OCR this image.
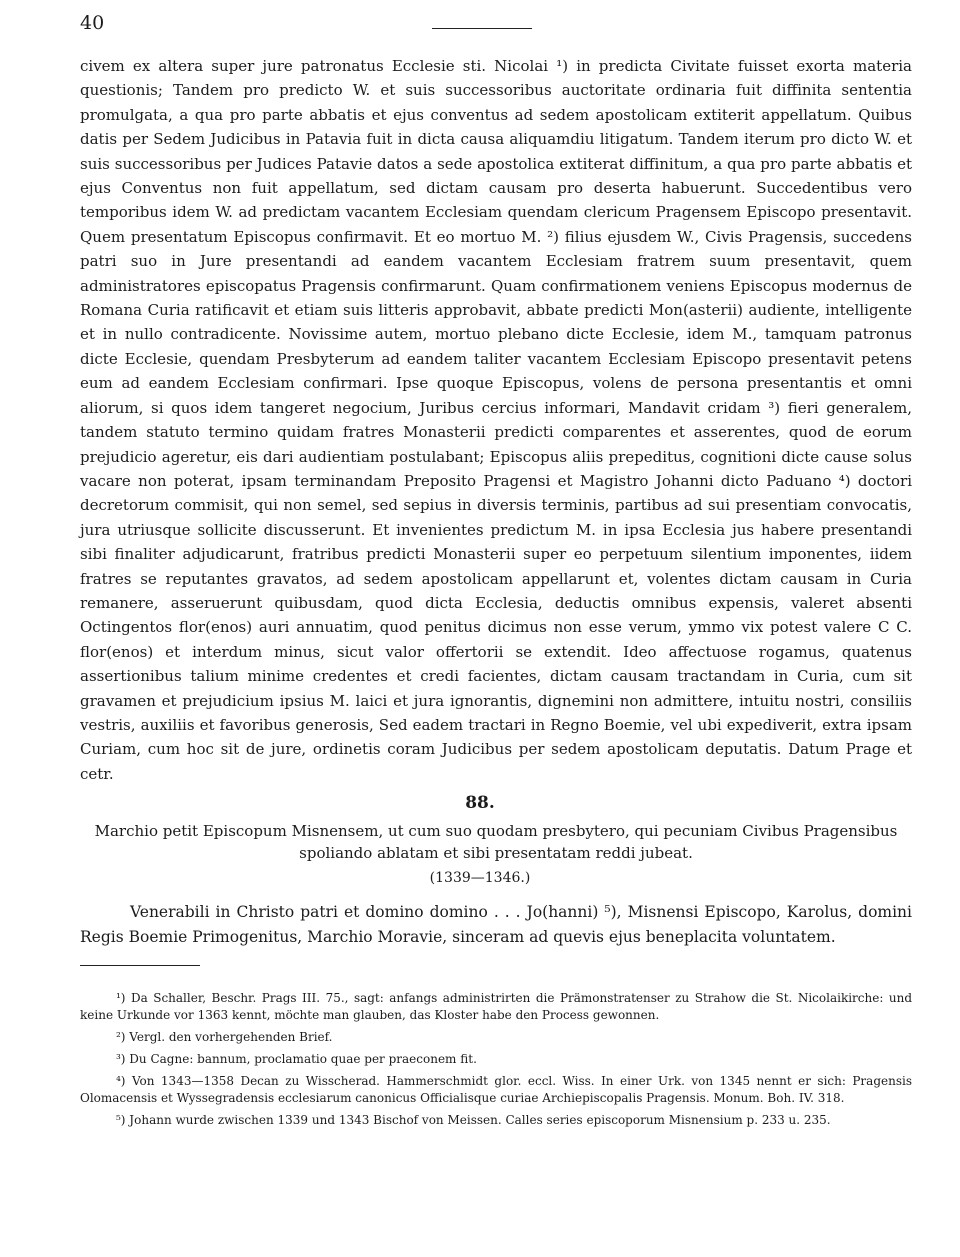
40

civem ex altera super jure patronatus Ecclesie sti. Nicolai ¹) in predicta Civitate fuisset exorta materia questionis; Tandem pro predicto W. et suis successoribus auctoritate ordinaria fuit diffinita sententia promulgata, a qua pro parte abbatis et ejus conventus ad sedem apostolicam extiterit appellatum. Quibus datis per Sedem Judicibus in Patavia fuit in dicta causa aliquamdiu litigatum. Tandem iterum pro dicto W. et suis successoribus per Judices Patavie datos a sede apostolica extiterat diffinitum, a qua pro parte abbatis et ejus Conventus non fuit appellatum, sed dictam causam pro deserta habuerunt. Succedentibus vero temporibus idem W. ad predictam vacantem Ecclesiam quendam clericum Pragensem Episcopo presentavit. Quem presentatum Episcopus confirmavit. Et eo mortuo M. ²) filius ejusdem W., Civis Pragensis, succedens patri suo in Jure presentandi ad eandem vacantem Ecclesiam fratrem suum presentavit, quem administratores episcopatus Pragensis confirmarunt. Quam confirmationem veniens Episcopus modernus de Romana Curia ratificavit et etiam suis litteris approbavit, abbate predicti Mon(asterii) audiente, intelligente et in nullo contradicente. Novissime autem, mortuo plebano dicte Ecclesie, idem M., tamquam patronus dicte Ecclesie, quendam Presbyterum ad eandem taliter vacantem Ecclesiam Episcopo presentavit petens eum ad eandem Ecclesiam confirmari. Ipse quoque Episcopus, volens de persona presentantis et omni aliorum, si quos idem tangeret negocium, Juribus cercius informari, Mandavit cridam ³) fieri generalem, tandem statuto termino quidam fratres Monasterii predicti comparentes et asserentes, quod de eorum prejudicio ageretur, eis dari audientiam postulabant; Episcopus aliis prepeditus, cognitioni dicte cause solus vacare non poterat, ipsam terminandam Preposito Pragensi et Magistro Johanni dicto Paduano ⁴) doctori decretorum commisit, qui non semel, sed sepius in diversis terminis, partibus ad sui presentiam convocatis, jura utriusque sollicite discusserunt. Et invenientes predictum M. in ipsa Ecclesia jus habere presentandi sibi finaliter adjudicarunt, fratribus predicti Monasterii super eo perpetuum silentium imponentes, iidem fratres se reputantes gravatos, ad sedem apostolicam appellarunt et, volentes dictam causam in Curia remanere, asseruerunt quibusdam, quod dicta Ecclesia, deductis omnibus expensis, valeret absenti Octingentos flor(enos) auri annuatim, quod penitus dicimus non esse verum, ymmo vix potest valere C C. flor(enos) et interdum minus, sicut valor offertorii se extendit. Ideo affectuose rogamus, quatenus assertionibus talium minime credentes et credi facientes, dictam causam tractandam in Curia, cum sit gravamen et prejudicium ipsius M. laici et jura ignorantis, dignemini non admittere, intuitu nostri, consiliis vestris, auxiliis et favoribus generosis, Sed eadem tractari in Regno Boemie, vel ubi expediverit, extra ipsam Curiam, cum hoc sit de jure, ordinetis coram Judicibus per sedem apostolicam deputatis. Datum Prage et cetr.

88.
Marchio petit Episcopum Misnensem, ut cum suo quodam presbytero, qui pecuniam Civibus Pragensibus spoliando ablatam et sibi presentatam reddi jubeat.
(1339—1346.)

Venerabili in Christo patri et domino domino . . . Jo(hanni) ⁵), Misnensi Episcopo, Karolus, domini Regis Boemie Primogenitus, Marchio Moravie, sinceram ad quevis ejus beneplacita voluntatem.

¹) Da Schaller, Beschr. Prags III. 75., sagt: anfangs administrirten die Prämonstratenser zu Strahow die St. Nicolaikirche: und keine Urkunde vor 1363 kennt, möchte man glauben, das Kloster habe den Process gewonnen.

²) Vergl. den vorhergehenden Brief.

³) Du Cagne: bannum, proclamatio quae per praeconem fit.

⁴) Von 1343—1358 Decan zu Wisscherad. Hammerschmidt glor. eccl. Wiss. In einer Urk. von 1345 nennt er sich: Pragensis Olomacensis et Wyssegradensis ecclesiarum canonicus Officialisque curiae Archiepiscopalis Pragensis. Monum. Boh. IV. 318.

⁵) Johann wurde zwischen 1339 und 1343 Bischof von Meissen. Calles series episcoporum Misnensium p. 233 u. 235.
